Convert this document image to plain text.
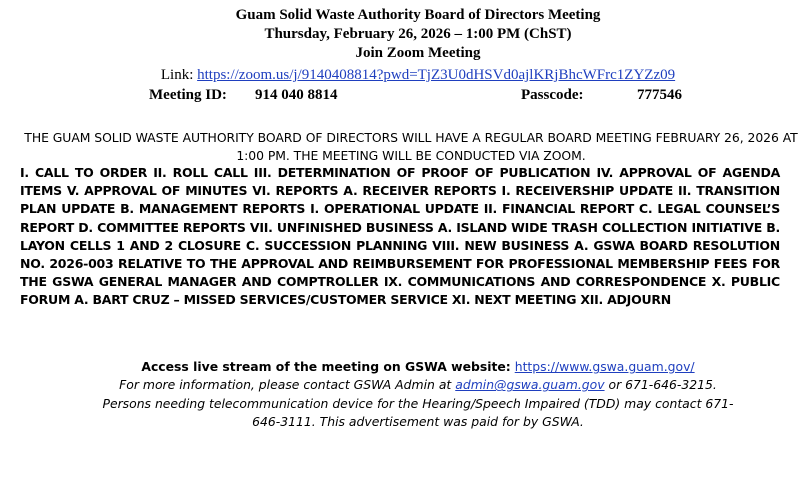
Guam Solid Waste Authority Board of Directors Meeting
Thursday, February 26, 2026 – 1:00 PM (ChST)
Join Zoom Meeting
Link: https://zoom.us/j/9140408814?pwd=TjZ3U0dHSVd0ajlKRjBhcWFrc1ZYZz09
Meeting ID: 914 040 8814	Passcode:	777546
THE GUAM SOLID WASTE AUTHORITY BOARD OF DIRECTORS WILL HAVE A REGULAR BOARD MEETING FEBRUARY 26, 2026 AT 1:00 PM. THE MEETING WILL BE CONDUCTED VIA ZOOM.
I. CALL TO ORDER II. ROLL CALL III. DETERMINATION OF PROOF OF PUBLICATION IV. APPROVAL OF AGENDA ITEMS V. APPROVAL OF MINUTES VI. REPORTS A. RECEIVER REPORTS I. RECEIVERSHIP UPDATE II. TRANSITION PLAN UPDATE B. MANAGEMENT REPORTS I. OPERATIONAL UPDATE II. FINANCIAL REPORT C. LEGAL COUNSEL’S REPORT D. COMMITTEE REPORTS VII. UNFINISHED BUSINESS A. ISLAND WIDE TRASH COLLECTION INITIATIVE B. LAYON CELLS 1 AND 2 CLOSURE C. SUCCESSION PLANNING VIII. NEW BUSINESS A. GSWA BOARD RESOLUTION NO. 2026-003 RELATIVE TO THE APPROVAL AND REIMBURSEMENT FOR PROFESSIONAL MEMBERSHIP FEES FOR THE GSWA GENERAL MANAGER AND COMPTROLLER IX. COMMUNICATIONS AND CORRESPONDENCE X. PUBLIC FORUM A. BART CRUZ – MISSED SERVICES/CUSTOMER SERVICE XI. NEXT MEETING XII. ADJOURN
Access live stream of the meeting on GSWA website: https://www.gswa.guam.gov/
For more information, please contact GSWA Admin at admin@gswa.guam.gov or 671-646-3215.
Persons needing telecommunication device for the Hearing/Speech Impaired (TDD) may contact 671-646-3111. This advertisement was paid for by GSWA.
